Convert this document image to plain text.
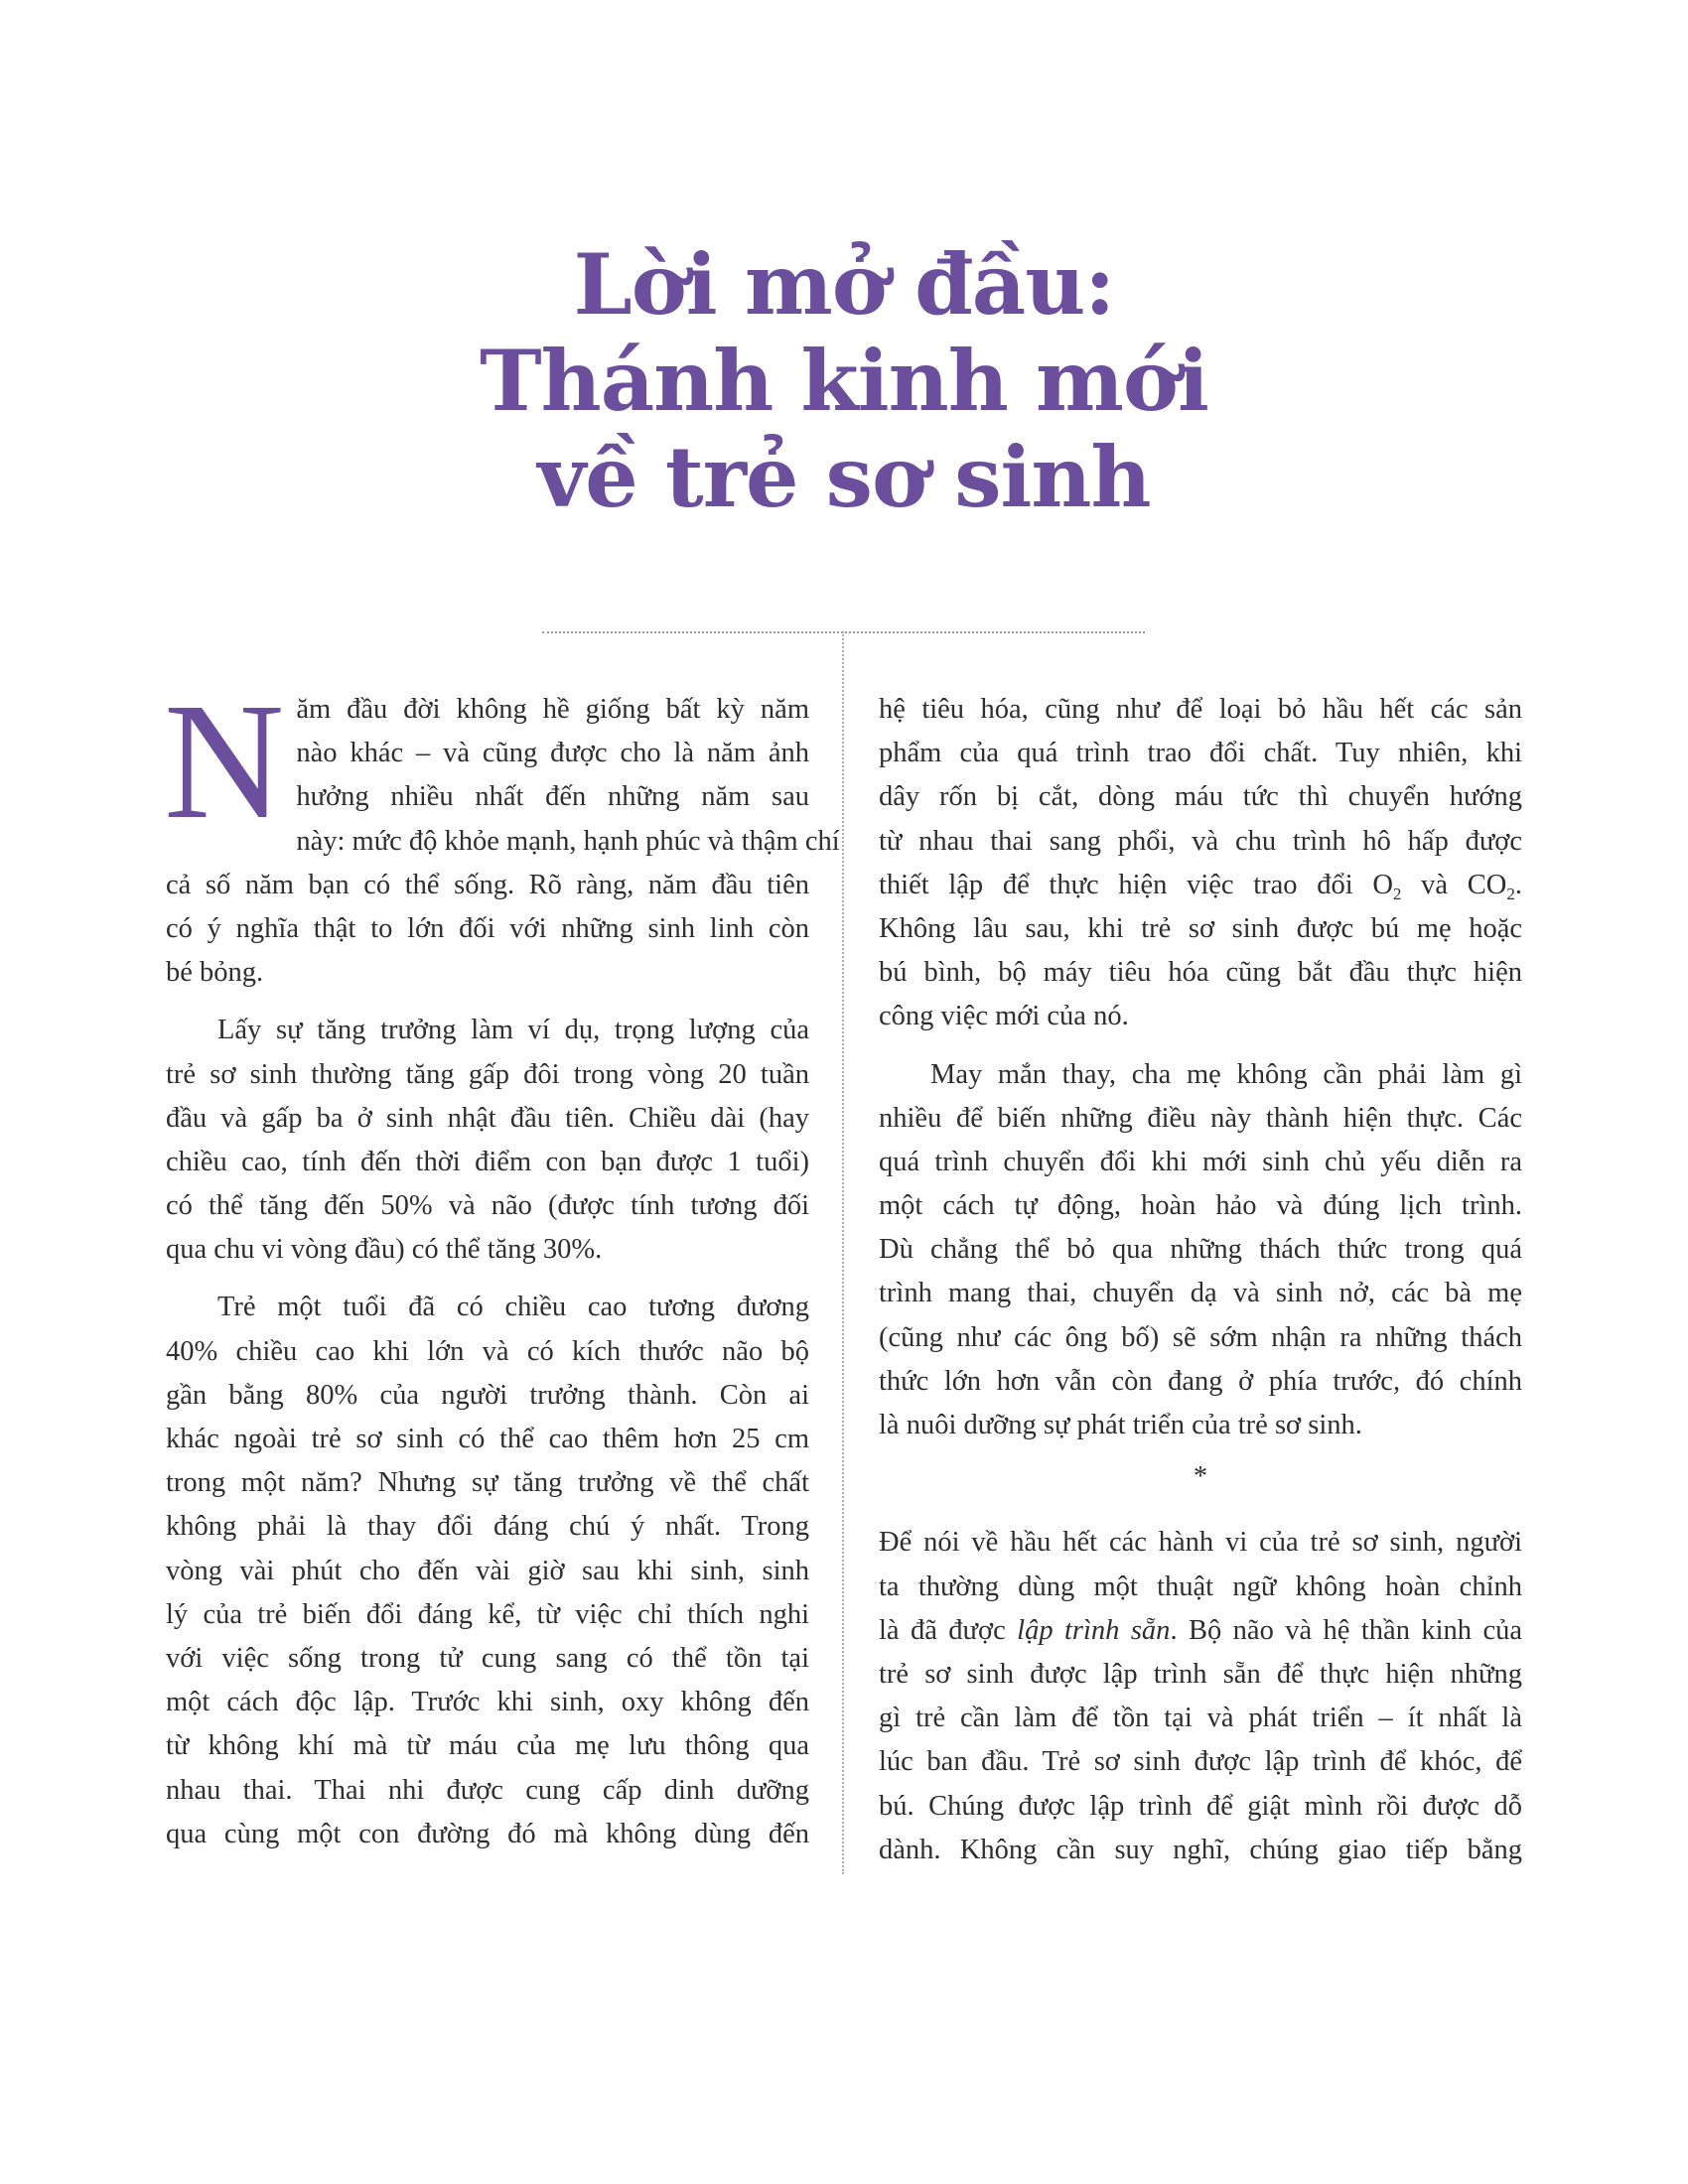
Lời mở đầu:
Thánh kinh mới
về trẻ sơ sinh
N ăm đầu đời không hề giống bất kỳ năm
nào khác – và cũng được cho là năm ảnh
hưởng nhiều nhất đến những năm sau
này: mức độ khỏe mạnh, hạnh phúc và thậm chí
cả số năm bạn có thể sống. Rõ ràng, năm đầu tiên
có ý nghĩa thật to lớn đối với những sinh linh còn
bé bỏng.
Lấy sự tăng trưởng làm ví dụ, trọng lượng của
trẻ sơ sinh thường tăng gấp đôi trong vòng 20 tuần
đầu và gấp ba ở sinh nhật đầu tiên. Chiều dài (hay
chiều cao, tính đến thời điểm con bạn được 1 tuổi)
có thể tăng đến 50% và não (được tính tương đối
qua chu vi vòng đầu) có thể tăng 30%.
Trẻ một tuổi đã có chiều cao tương đương
40% chiều cao khi lớn và có kích thước não bộ
gần bằng 80% của người trưởng thành. Còn ai
khác ngoài trẻ sơ sinh có thể cao thêm hơn 25 cm
trong một năm? Nhưng sự tăng trưởng về thể chất
không phải là thay đổi đáng chú ý nhất. Trong
vòng vài phút cho đến vài giờ sau khi sinh, sinh
lý của trẻ biến đổi đáng kể, từ việc chỉ thích nghi
với việc sống trong tử cung sang có thể tồn tại
một cách độc lập. Trước khi sinh, oxy không đến
từ không khí mà từ máu của mẹ lưu thông qua
nhau thai. Thai nhi được cung cấp dinh dưỡng
qua cùng một con đường đó mà không dùng đến
hệ tiêu hóa, cũng như để loại bỏ hầu hết các sản
phẩm của quá trình trao đổi chất. Tuy nhiên, khi
dây rốn bị cắt, dòng máu tức thì chuyển hướng
từ nhau thai sang phổi, và chu trình hô hấp được
thiết lập để thực hiện việc trao đổi $O_2$ và $CO_2$.
Không lâu sau, khi trẻ sơ sinh được bú mẹ hoặc
bú bình, bộ máy tiêu hóa cũng bắt đầu thực hiện
công việc mới của nó.
May mắn thay, cha mẹ không cần phải làm gì
nhiều để biến những điều này thành hiện thực. Các
quá trình chuyển đổi khi mới sinh chủ yếu diễn ra
một cách tự động, hoàn hảo và đúng lịch trình.
Dù chẳng thể bỏ qua những thách thức trong quá
trình mang thai, chuyển dạ và sinh nở, các bà mẹ
(cũng như các ông bố) sẽ sớm nhận ra những thách
thức lớn hơn vẫn còn đang ở phía trước, đó chính
là nuôi dưỡng sự phát triển của trẻ sơ sinh.
*
Để nói về hầu hết các hành vi của trẻ sơ sinh, người
ta thường dùng một thuật ngữ không hoàn chỉnh
là đã được lập trình sẵn. Bộ não và hệ thần kinh của
trẻ sơ sinh được lập trình sẵn để thực hiện những
gì trẻ cần làm để tồn tại và phát triển – ít nhất là
lúc ban đầu. Trẻ sơ sinh được lập trình để khóc, để
bú. Chúng được lập trình để giật mình rồi được dỗ
dành. Không cần suy nghĩ, chúng giao tiếp bằng
